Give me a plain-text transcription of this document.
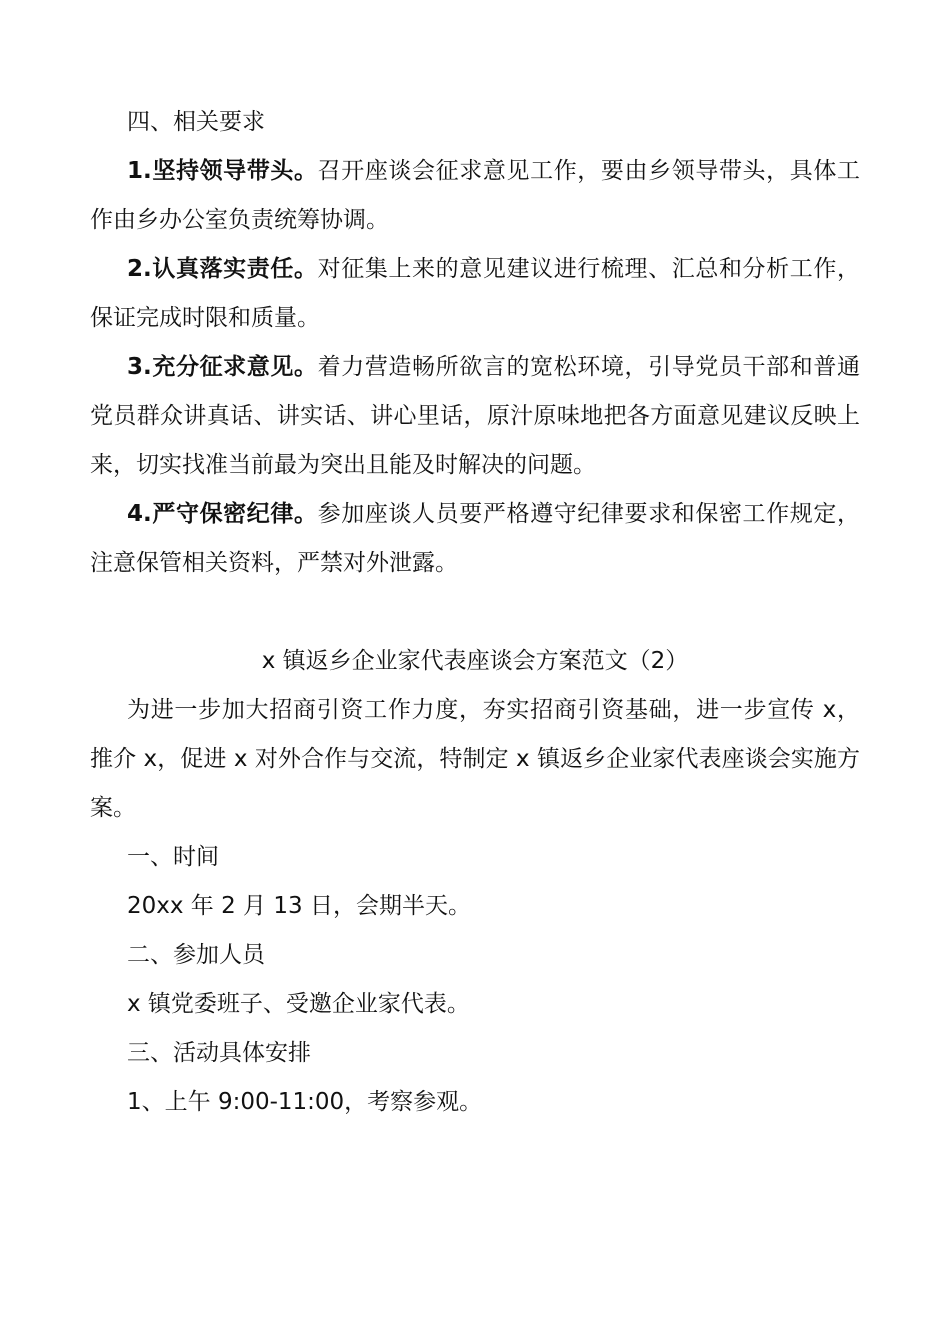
四、相关要求

1.坚持领导带头。召开座谈会征求意见工作，要由乡领导带头，具体工作由乡办公室负责统筹协调。

2.认真落实责任。对征集上来的意见建议进行梳理、汇总和分析工作，保证完成时限和质量。

3.充分征求意见。着力营造畅所欲言的宽松环境，引导党员干部和普通党员群众讲真话、讲实话、讲心里话，原汁原味地把各方面意见建议反映上来，切实找准当前最为突出且能及时解决的问题。

4.严守保密纪律。参加座谈人员要严格遵守纪律要求和保密工作规定，注意保管相关资料，严禁对外泄露。

x 镇返乡企业家代表座谈会方案范文（2）

为进一步加大招商引资工作力度，夯实招商引资基础，进一步宣传 x，推介 x，促进 x 对外合作与交流，特制定 x 镇返乡企业家代表座谈会实施方案。

一、时间

20xx 年 2 月 13 日，会期半天。

二、参加人员

x 镇党委班子、受邀企业家代表。

三、活动具体安排

1、上午 9:00-11:00，考察参观。
